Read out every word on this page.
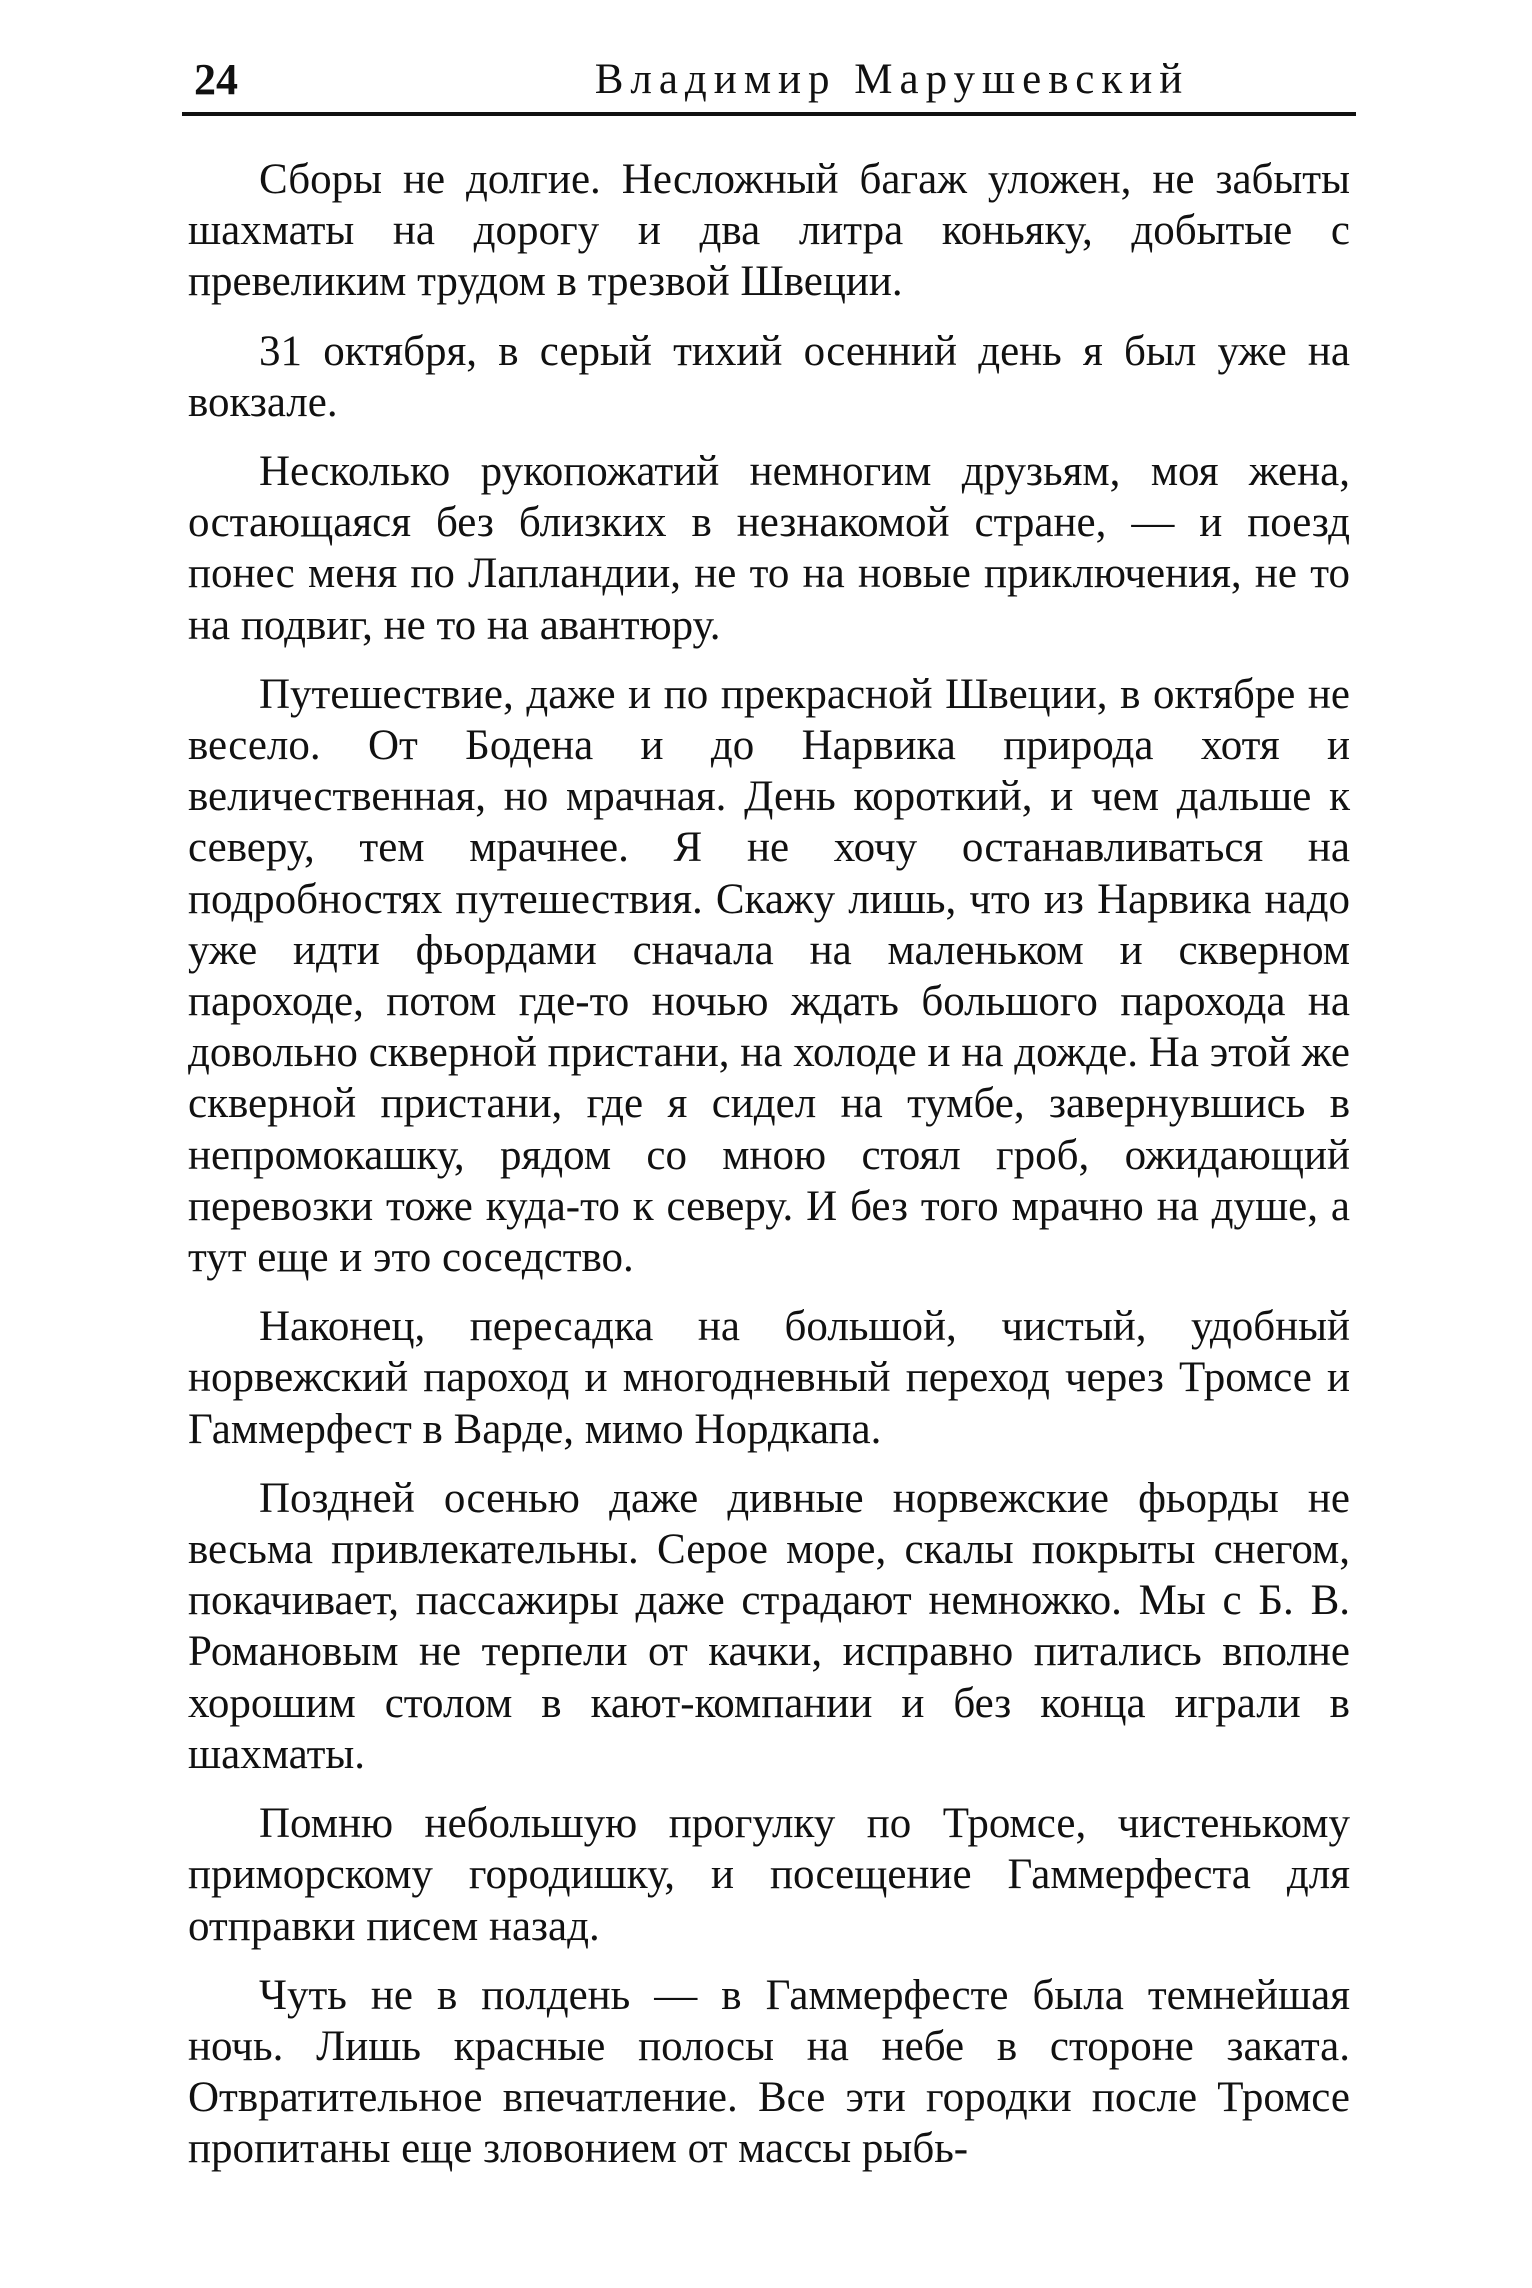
24	Владимир Марушевский

Сборы не долгие. Несложный багаж уложен, не забыты шахматы на дорогу и два литра коньяку, добытые с превеликим трудом в трезвой Швеции.

31 октября, в серый тихий осенний день я был уже на вокзале.

Несколько рукопожатий немногим друзьям, моя жена, остающаяся без близких в незнакомой стране, — и поезд понес меня по Лапландии, не то на новые приключения, не то на подвиг, не то на авантюру.

Путешествие, даже и по прекрасной Швеции, в октябре не весело. От Бодена и до Нарвика природа хотя и величественная, но мрачная. День короткий, и чем дальше к северу, тем мрачнее. Я не хочу останавливаться на подробностях путешествия. Скажу лишь, что из Нарвика надо уже идти фьордами сначала на маленьком и скверном пароходе, потом где-то ночью ждать большого парохода на довольно скверной пристани, на холоде и на дожде. На этой же скверной пристани, где я сидел на тумбе, завернувшись в непромокашку, рядом со мною стоял гроб, ожидающий перевозки тоже куда-то к северу. И без того мрачно на душе, а тут еще и это соседство.

Наконец, пересадка на большой, чистый, удобный норвежский пароход и многодневный переход через Тромсе и Гаммерфест в Варде, мимо Нордкапа.

Поздней осенью даже дивные норвежские фьорды не весьма привлекательны. Серое море, скалы покрыты снегом, покачивает, пассажиры даже страдают немножко. Мы с Б. В. Романовым не терпели от качки, исправно питались вполне хорошим столом в кают-компании и без конца играли в шахматы.

Помню небольшую прогулку по Тромсе, чистенькому приморскому городишку, и посещение Гаммерфеста для отправки писем назад.

Чуть не в полдень — в Гаммерфесте была темнейшая ночь. Лишь красные полосы на небе в стороне заката. Отвратительное впечатление. Все эти городки после Тромсе пропитаны еще зловонием от массы рыбь-
